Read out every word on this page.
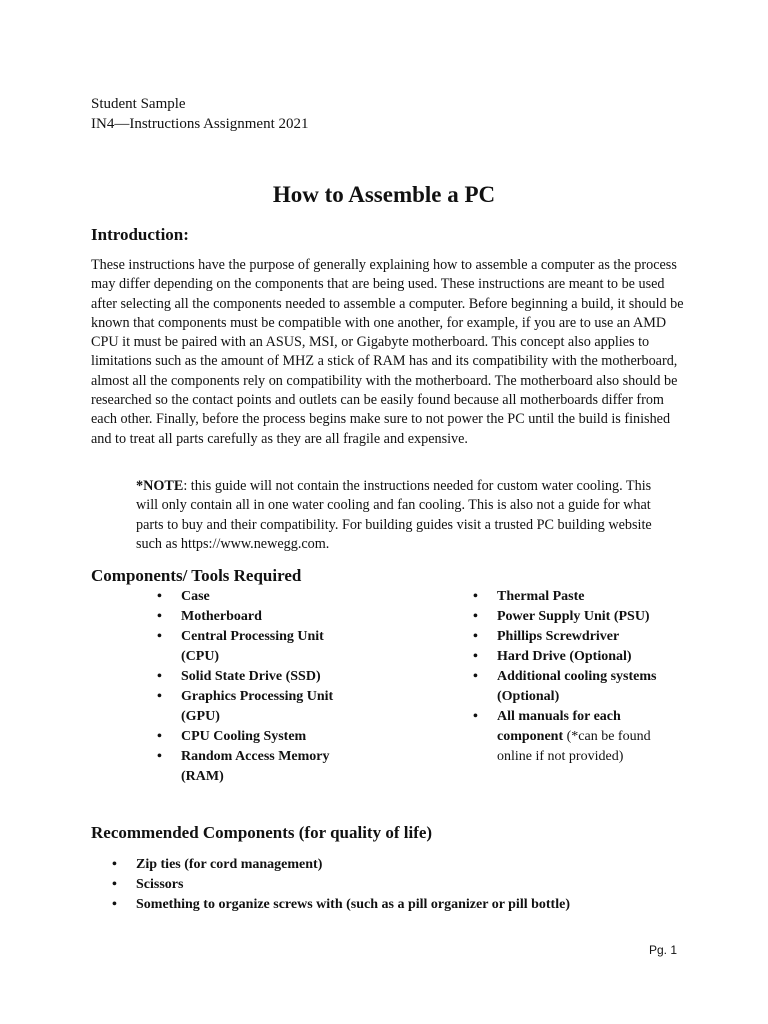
Student Sample
IN4—Instructions Assignment 2021
How to Assemble a PC
Introduction:

These instructions have the purpose of generally explaining how to assemble a computer as the process may differ depending on the components that are being used. These instructions are meant to be used after selecting all the components needed to assemble a computer. Before beginning a build, it should be known that components must be compatible with one another, for example, if you are to use an AMD CPU it must be paired with an ASUS, MSI, or Gigabyte motherboard. This concept also applies to limitations such as the amount of MHZ a stick of RAM has and its compatibility with the motherboard, almost all the components rely on compatibility with the motherboard. The motherboard also should be researched so the contact points and outlets can be easily found because all motherboards differ from each other. Finally, before the process begins make sure to not power the PC until the build is finished and to treat all parts carefully as they are all fragile and expensive.

*NOTE: this guide will not contain the instructions needed for custom water cooling. This will only contain all in one water cooling and fan cooling. This is also not a guide for what parts to buy and their compatibility. For building guides visit a trusted PC building website such as https://www.newegg.com.

Components/ Tools Required
• Case
• Motherboard
• Central Processing Unit (CPU)
• Solid State Drive (SSD)
• Graphics Processing Unit (GPU)
• CPU Cooling System
• Random Access Memory (RAM)
• Thermal Paste
• Power Supply Unit (PSU)
• Phillips Screwdriver
• Hard Drive (Optional)
• Additional cooling systems (Optional)
• All manuals for each component (*can be found online if not provided)
Recommended Components (for quality of life)
• Zip ties (for cord management)
• Scissors
• Something to organize screws with (such as a pill organizer or pill bottle)
Pg. 1
